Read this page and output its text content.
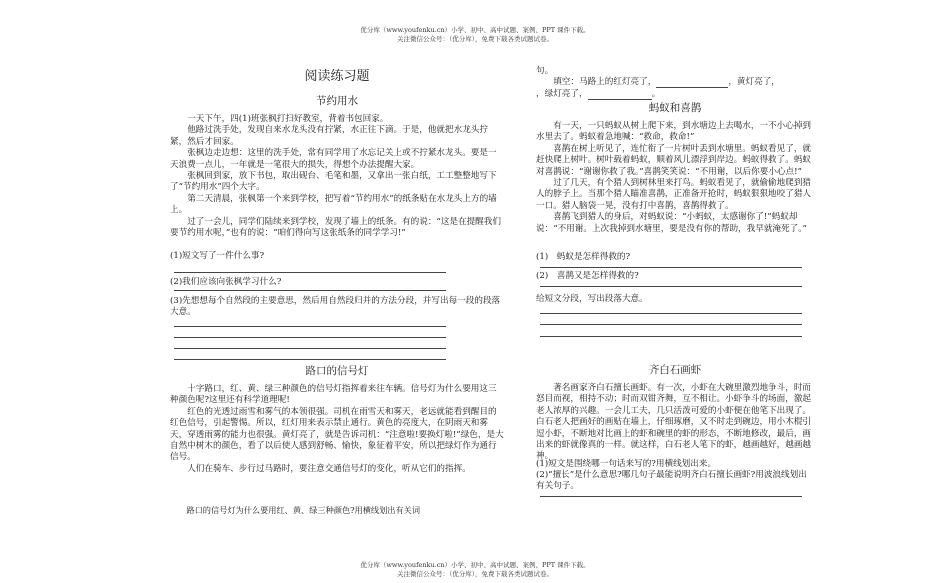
优分库（www.youfenku.cn）小学、初中、高中试题、案例、PPT 课件下载。
关注微信公众号：（优分库），免费下载各类试题试卷。
阅读练习题
节约用水

一天下午，四(1)班张枫打扫好教室，背着书包回家。

他路过洗手处，发现自来水龙头没有拧紧，水正往下滴。于是，他就把水龙头拧紧，然后才回家。

张枫边走边想：这里的洗手处，常有同学用了水忘记关上或不拧紧水龙头。要是一天浪费一点儿，一年就是一笔很大的损失，得想个办法提醒大家。

张枫回到家，放下书包，取出砚台、毛笔和墨，又拿出一张白纸，工工整整地写下了“节约用水”四个大字。

第二天清晨，张枫第一个来到学校，把写着“节约用水”的纸条贴在水龙头上方的墙上。

过了一会儿，同学们陆续来到学校，发现了墙上的纸条。有的说：“这是在提醒我们要节约用水呢，”也有的说：“咱们得向写这张纸条的同学学习!”

(1)短文写了一件什么事?
(2)我们应该向张枫学习什么?
(3)先想想每个自然段的主要意思，然后用自然段归并的方法分段，并写出每一段的段落大意。
路口的信号灯

十字路口，红、黄、绿三种颜色的信号灯指挥着来往车辆。信号灯为什么要用这三种颜色呢?这里还有科学道理呢!

红色的光透过雨雪和雾气的本领很强。司机在雨雪天和雾天，老远就能看到醒目的红色信号，引起警惕。所以，红灯用来表示禁止通行。黄色的亮度大，在阴雨天和雾天，穿透雨雾的能力也很强。黄灯亮了，就是告诉司机：“注意啦!要换灯啦!”绿色，是大自然中树木的颜色，看了以后使人感到舒畅、愉快，象征着平安，所以把绿灯作为通行信号。

人们在骑车、步行过马路时，要注意交通信号灯的变化，听从它们的指挥。

路口的信号灯为什么要用红、黄、绿三种颜色?用横线划出有关词
句。
填空：马路上的红灯亮了，	，黄灯亮了，
，绿灯亮了，	。
蚂蚁和喜鹊

有一天，一只蚂蚁从树上爬下来，到水塘边上去喝水，一不小心掉到水里去了。蚂蚁着急地喊：“救命，救命!”

喜鹊在树上听见了，连忙衔了一片树叶丢到水塘里。蚂蚁看见了，就赶快爬上树叶。树叶载着蚂蚁，顺着风儿漂浮到岸边。蚂蚁得救了。蚂蚁对喜鹊说：“谢谢你救了我。”喜鹊笑笑说：“不用谢，以后你要小心点!”

过了几天，有个猎人到树林里来打鸟。蚂蚁看见了，就偷偷地爬到猎人的脖子上。当那个猎人瞄准喜鹊，正准备开抢时，蚂蚁狠狠地咬了猎人一口。猎人脑袋一晃，没有打中喜鹊，喜鹊得救了。

喜鹊飞到猎人的身后，对蚂蚁说：“小蚂蚁，太感谢你了!”蚂蚁却说：“不用谢。上次我掉到水塘里，要是没有你的帮助，我早就淹死了。”

(1)　蚂蚁是怎样得救的?
(2)　喜鹊又是怎样得救的?
给短文分段，写出段落大意。
齐白石画虾

著名画家齐白石擅长画虾。有一次，小虾在大碗里激烈地争斗，时而怒目而视，相持不动；时而双钳齐舞，互不相让。小虾争斗的场面，激起老人浓厚的兴趣。一会儿工夫，几只活泼可爱的小虾便在他笔下出现了。白石老人把画好的画贴在墙上，仔细琢磨，又不时走到碗边，用小木棍引逗小虾，不断地对比画上的虾和碗里的虾的形态，不断地修改，最后，画出来的虾就像真的一样。就这样，白石老人笔下的虾，越画越好，越画越神。

(1)短文是围绕哪一句话来写的?用横线划出来。
(2)“擅长”是什么意思?哪几句子最能说明齐白石擅长画虾?用波浪线划出有关句子。
优分库（www.youfenku.cn）小学、初中、高中试题、案例、PPT 课件下载。
关注微信公众号：（优分库），免费下载各类试题试卷。
